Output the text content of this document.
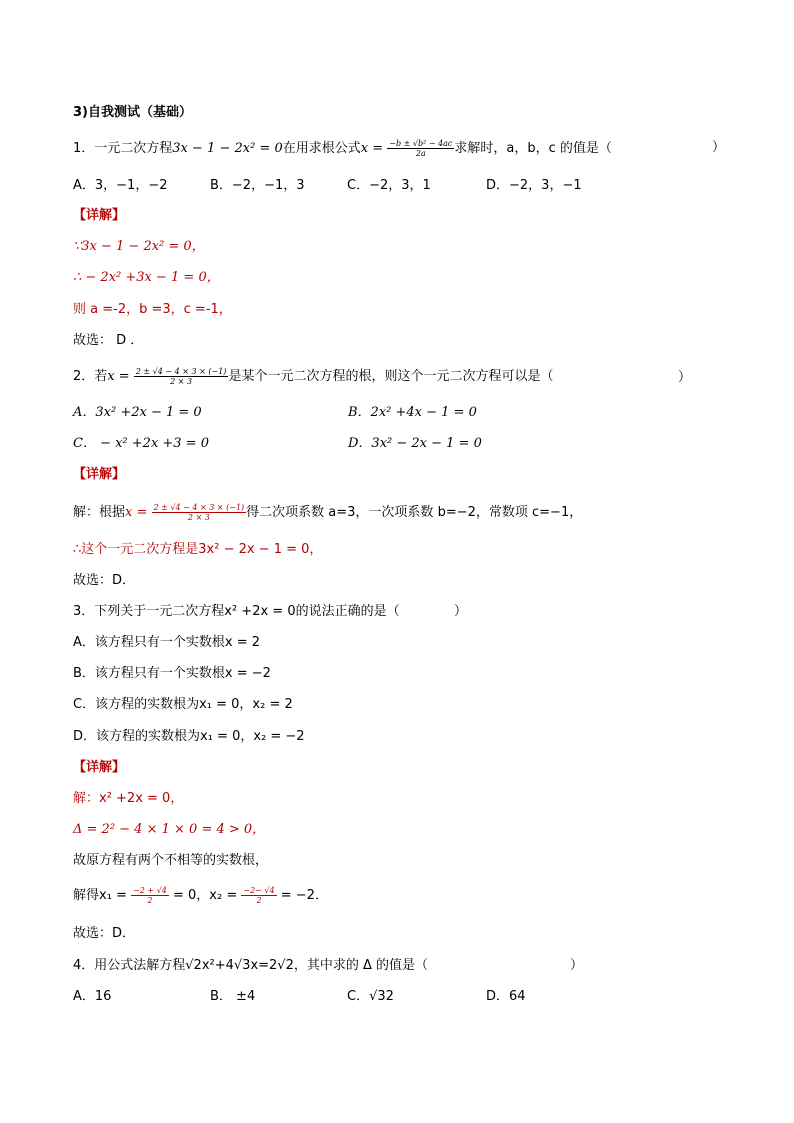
3)自我测试（基础）
1．一元二次方程3x − 1 − 2x² = 0在用求根公式$x = \frac{\text{−b ± √b² − 4ac}}{2a}$ 求解时，a，b，c 的值是（	）
A．3，−1，−2	B．−2，−1，3	C．−2，3，1	D．−2，3，−1
【详解】
∵3x − 1 − 2x² = 0，
∴ − 2x² +3x − 1 = 0，
则 a =-2，b =3，c =-1，
故选： D ．
2．若$x = \frac{2 \pm √4 - 4 \times 3 \times (-1)}{2 \times 3}$ 是某个一元二次方程的根，则这个一元二次方程可以是（	）
A．3x² +2x − 1 = 0	B．2x² +4x − 1 = 0
C． − x² +2x +3 = 0	D．3x² − 2x − 1 = 0
【详解】
解：根据$x = \frac{2 \pm √4 - 4 \times 3 \times (-1)}{2 \times 3}$ 得二次项系数 a=3，一次项系数 b=−2，常数项 c=−1，
∴这个一元二次方程是3x² − 2x − 1 = 0，
故选：D．
3．下列关于一元二次方程x² +2x = 0的说法正确的是（	）
A．该方程只有一个实数根x = 2
B．该方程只有一个实数根x = −2
C．该方程的实数根为x₁ = 0，x₂ = 2
D．该方程的实数根为x₁ = 0，x₂ = −2
【详解】
解：x² +2x = 0，
Δ = 2² − 4 × 1 × 0 = 4 > 0，
故原方程有两个不相等的实数根，
解得$x_1 = \frac{-2 + √4}{2} = 0$，$x_2 = \frac{-2- √4}{2} = -2$．
故选：D．
4．用公式法解方程√2x²+4√3x=2√2，其中求的 Δ 的值是（	）
A．16	B． ±4	C．√32	D．64
